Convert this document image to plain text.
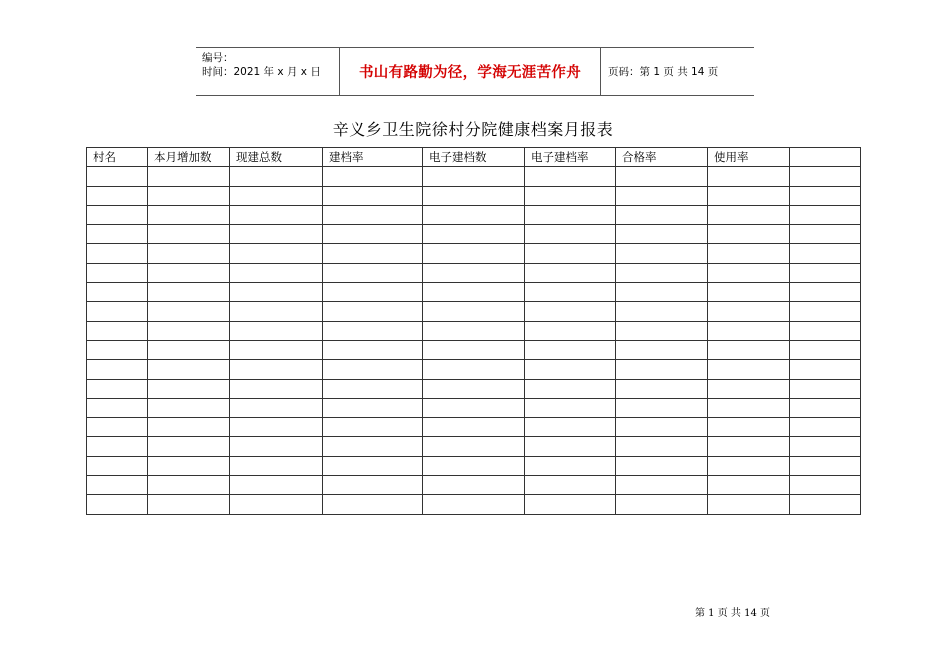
编号：
时间：2021 年 x 月 x 日	书山有路勤为径，学海无涯苦作舟	页码：第 1 页 共 14 页
辛义乡卫生院徐村分院健康档案月报表
村名	本月增加数	现建总数	建档率	电子建档数	电子建档率	合格率	使用率	

第 1 页 共 14 页
